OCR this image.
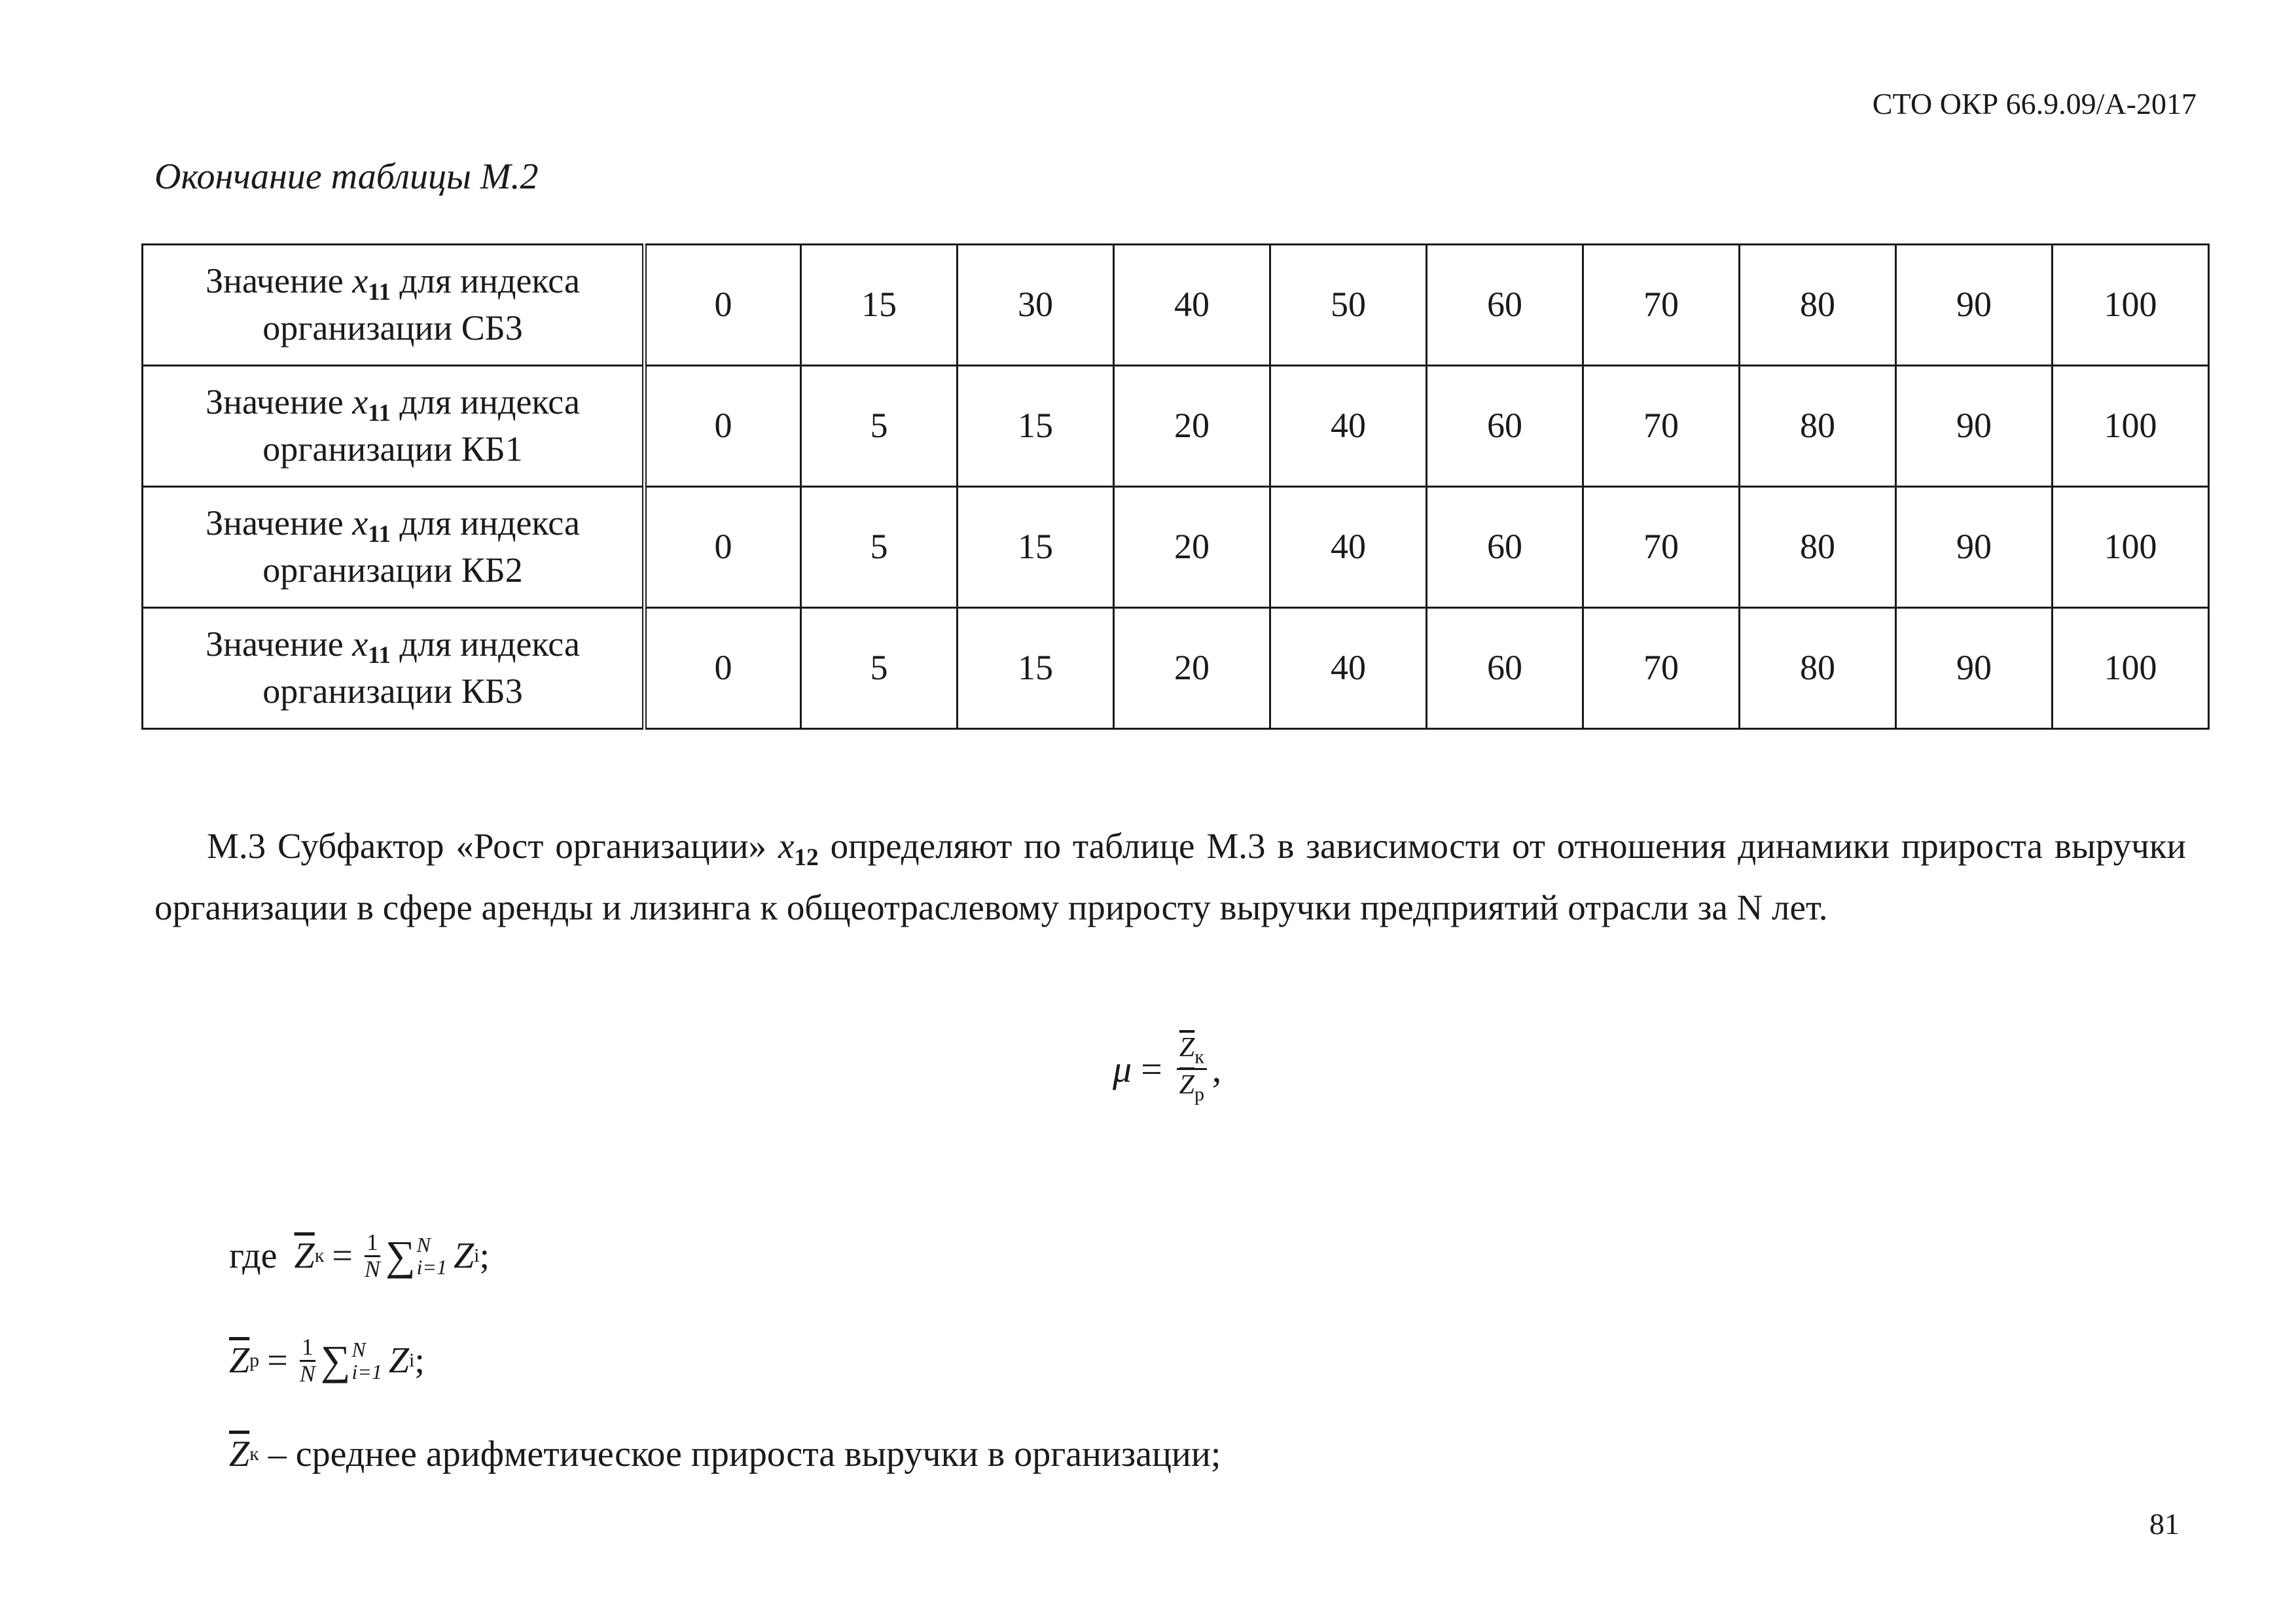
СТО ОКР 66.9.09/А-2017
Окончание таблицы М.2
Значение $x_{11}$ для индекса
организации СБ3	0	15	30	40	50	60	70	80	90	100
Значение $x_{11}$ для индекса
организации КБ1	0	5	15	20	40	60	70	80	90	100
Значение $x_{11}$ для индекса
организации КБ2	0	5	15	20	40	60	70	80	90	100
Значение $x_{11}$ для индекса
организации КБ3	0	5	15	20	40	60	70	80	90	100
М.3 Субфактор «Рост организации» $x_{12}$ определяют по таблице М.3 в зависимости от отношения динамики прироста выручки организации в сфере аренды и лизинга к общеотраслевому приросту выручки предприятий отрасли за N лет.
$\mu = \frac{\overline{Z}_к}{\overline{Z}_р}$ ,
где $\overline{Z}$ $к = \frac{1}{N}$ ∑ N
i=1 Z i ;
$\overline{Z}$ $р = \frac{1}{N}$ ∑ N
i=1 Z i ;
$\overline{Z}$ к – среднее арифметическое прироста выручки в организации;
81
